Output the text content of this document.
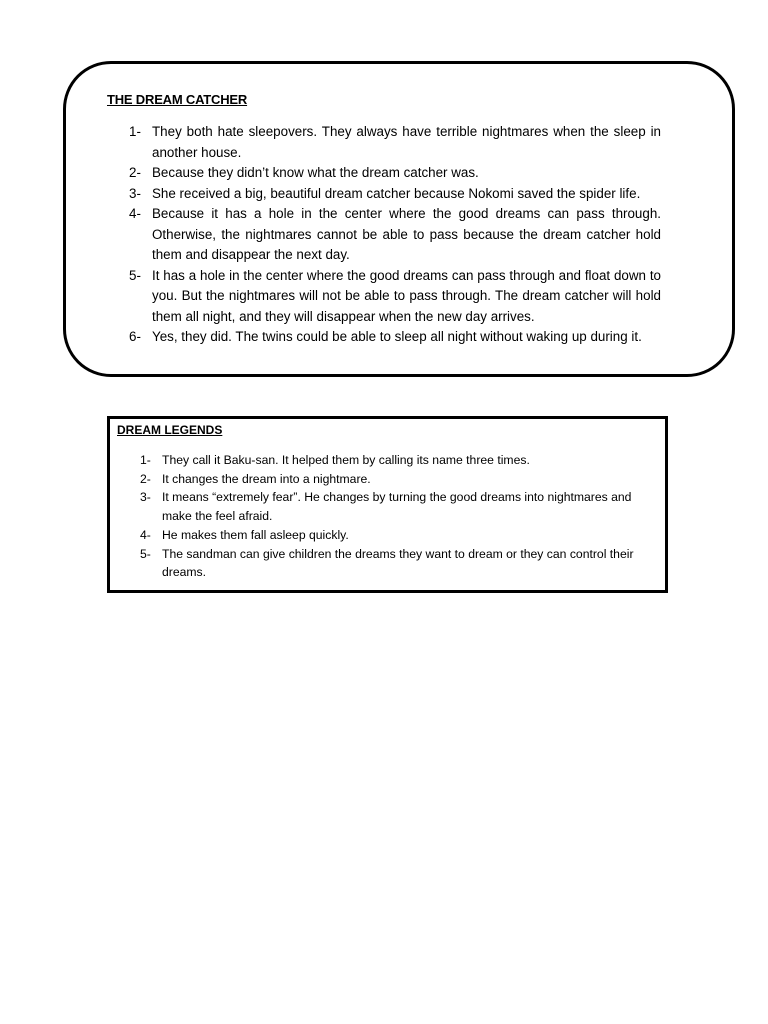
THE DREAM CATCHER
1- They both hate sleepovers. They always have terrible nightmares when the sleep in another house.
2- Because they didn’t know what the dream catcher was.
3- She received a big, beautiful dream catcher because Nokomi saved the spider life.
4- Because it has a hole in the center where the good dreams can pass through. Otherwise, the nightmares cannot be able to pass because the dream catcher hold them and disappear the next day.
5- It has a hole in the center where the good dreams can pass through and float down to you. But the nightmares will not be able to pass through. The dream catcher will hold them all night, and they will disappear when the new day arrives.
6- Yes, they did. The twins could be able to sleep all night without waking up during it.
DREAM LEGENDS
1- They call it Baku-san. It helped them by calling its name three times.
2- It changes the dream into a nightmare.
3- It means “extremely fear”. He changes by turning the good dreams into nightmares and make the feel afraid.
4- He makes them fall asleep quickly.
5- The sandman can give children the dreams they want to dream or they can control their dreams.
